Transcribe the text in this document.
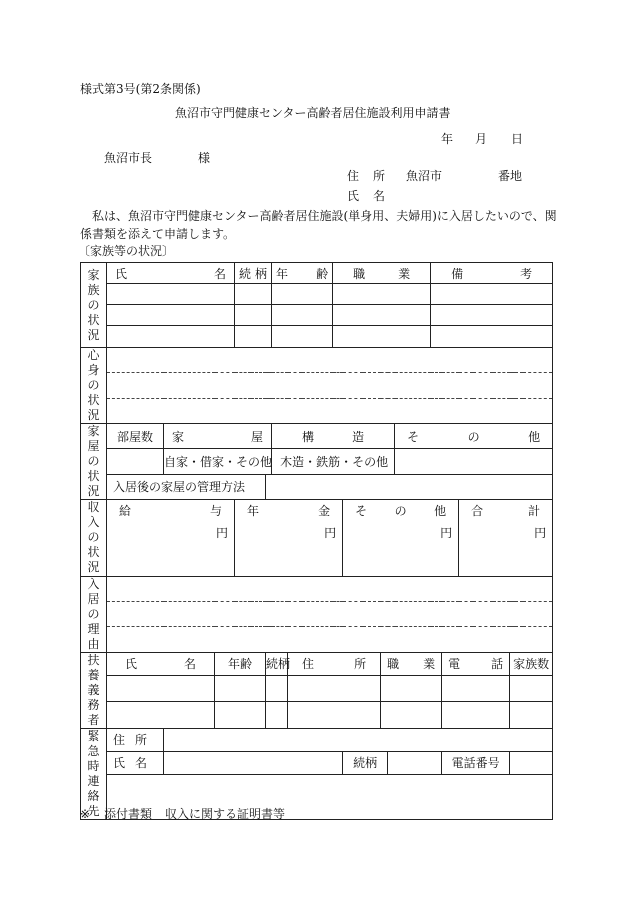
様式第3号(第2条関係)
魚沼市守門健康センター高齢者居住施設利用申請書
年 月 日
魚沼市長	様
住 所 魚沼市	番地
氏 名
私は、魚沼市守門健康センター高齢者居住施設(単身用、夫婦用)に入居したいので、関
係書類を添えて申請します。
〔家族等の状況〕
家族の状況	氏 名			続 柄		年 齢		職 業					備 考			

心身の状況																

家屋の状況	部屋数	家 屋				構 造						そ の 他				

		自家・借家・その他				木造・鉄筋・その他										
	入居後の家屋の管理方法															
収入の状況	給 与			年 金					そ の 他						合 計	

	円			円					円						円	

入居の理由																

扶養義務者	氏 名		年齢		続柄		住 所			職 業				電 話		家族数

緊急時連絡先	住 所															

	氏 名								続柄					電話番号		

※ 添付書類 収入に関する証明書等
